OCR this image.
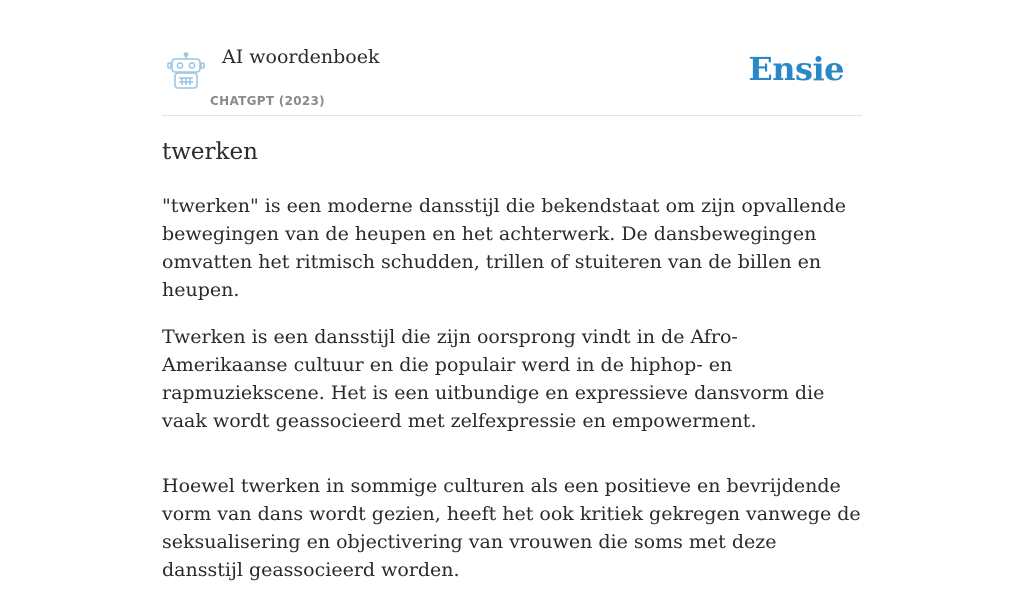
AI woordenboek
CHATGPT (2023)
Ensie
twerken

"twerken" is een moderne dansstijl die bekendstaat om zijn opvallende bewegingen van de heupen en het achterwerk. De dansbewegingen omvatten het ritmisch schudden, trillen of stuiteren van de billen en heupen.

Twerken is een dansstijl die zijn oorsprong vindt in de Afro-Amerikaanse cultuur en die populair werd in de hiphop- en rapmuziekscene. Het is een uitbundige en expressieve dansvorm die vaak wordt geassocieerd met zelfexpressie en empowerment.

Hoewel twerken in sommige culturen als een positieve en bevrijdende vorm van dans wordt gezien, heeft het ook kritiek gekregen vanwege de seksualisering en objectivering van vrouwen die soms met deze dansstijl geassocieerd worden.
